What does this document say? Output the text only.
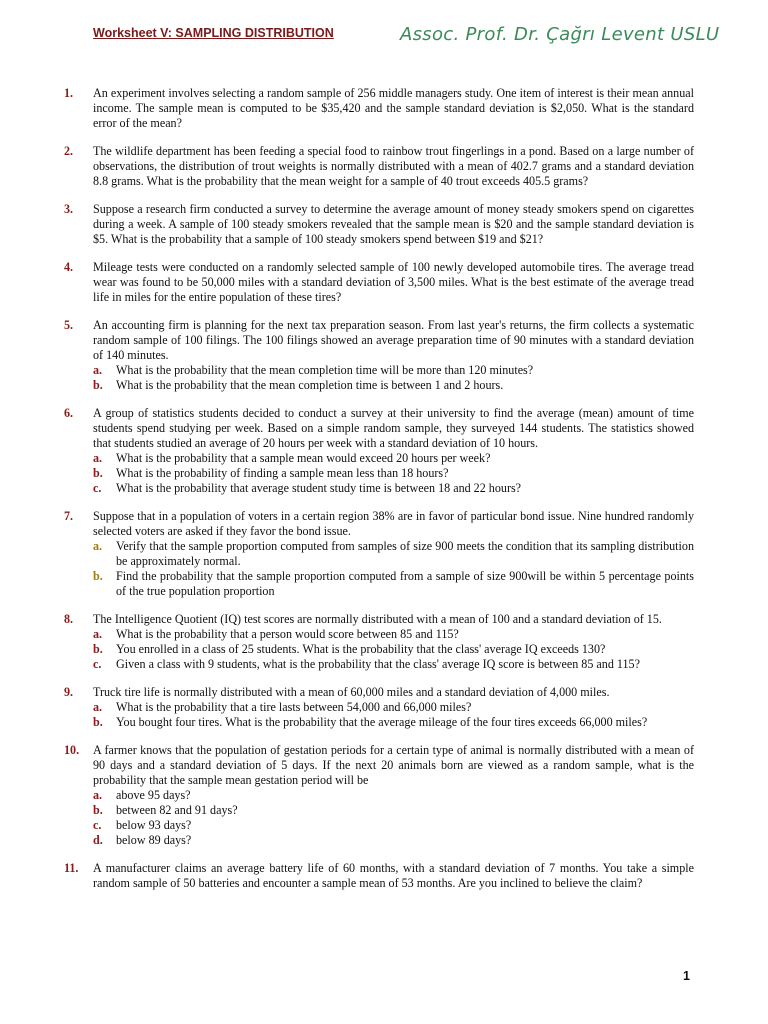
Worksheet V: SAMPLING DISTRIBUTION	Assoc. Prof. Dr. Çağrı Levent USLU
1.	An experiment involves selecting a random sample of 256 middle managers study. One item of interest is their mean annual income. The sample mean is computed to be $35,420 and the sample standard deviation is $2,050. What is the standard error of the mean?
2.	The wildlife department has been feeding a special food to rainbow trout fingerlings in a pond. Based on a large number of observations, the distribution of trout weights is normally distributed with a mean of 402.7 grams and a standard deviation 8.8 grams. What is the probability that the mean weight for a sample of 40 trout exceeds 405.5 grams?
3.	Suppose a research firm conducted a survey to determine the average amount of money steady smokers spend on cigarettes during a week. A sample of 100 steady smokers revealed that the sample mean is $20 and the sample standard deviation is $5. What is the probability that a sample of 100 steady smokers spend between $19 and $21?
4.	Mileage tests were conducted on a randomly selected sample of 100 newly developed automobile tires. The average tread wear was found to be 50,000 miles with a standard deviation of 3,500 miles. What is the best estimate of the average tread life in miles for the entire population of these tires?
5.	An accounting firm is planning for the next tax preparation season. From last year's returns, the firm collects a systematic random sample of 100 filings. The 100 filings showed an average preparation time of 90 minutes with a standard deviation of 140 minutes.
a. What is the probability that the mean completion time will be more than 120 minutes?
b. What is the probability that the mean completion time is between 1 and 2 hours.
6.	A group of statistics students decided to conduct a survey at their university to find the average (mean) amount of time students spend studying per week. Based on a simple random sample, they surveyed 144 students. The statistics showed that students studied an average of 20 hours per week with a standard deviation of 10 hours.
a. What is the probability that a sample mean would exceed 20 hours per week?
b. What is the probability of finding a sample mean less than 18 hours?
c. What is the probability that average student study time is between 18 and 22 hours?
7.	Suppose that in a population of voters in a certain region 38% are in favor of particular bond issue. Nine hundred randomly selected voters are asked if they favor the bond issue.
a. Verify that the sample proportion computed from samples of size 900 meets the condition that its sampling distribution be approximately normal.
b. Find the probability that the sample proportion computed from a sample of size 900will be within 5 percentage points of the true population proportion
8.	The Intelligence Quotient (IQ) test scores are normally distributed with a mean of 100 and a standard deviation of 15.
a. What is the probability that a person would score between 85 and 115?
b. You enrolled in a class of 25 students. What is the probability that the class' average IQ exceeds 130?
c. Given a class with 9 students, what is the probability that the class' average IQ score is between 85 and 115?
9.	Truck tire life is normally distributed with a mean of 60,000 miles and a standard deviation of 4,000 miles.
a. What is the probability that a tire lasts between 54,000 and 66,000 miles?
b. You bought four tires. What is the probability that the average mileage of the four tires exceeds 66,000 miles?
10.	A farmer knows that the population of gestation periods for a certain type of animal is normally distributed with a mean of 90 days and a standard deviation of 5 days. If the next 20 animals born are viewed as a random sample, what is the probability that the sample mean gestation period will be
a. above 95 days?
b. between 82 and 91 days?
c. below 93 days?
d. below 89 days?
11.	A manufacturer claims an average battery life of 60 months, with a standard deviation of 7 months. You take a simple random sample of 50 batteries and encounter a sample mean of 53 months. Are you inclined to believe the claim?
1
